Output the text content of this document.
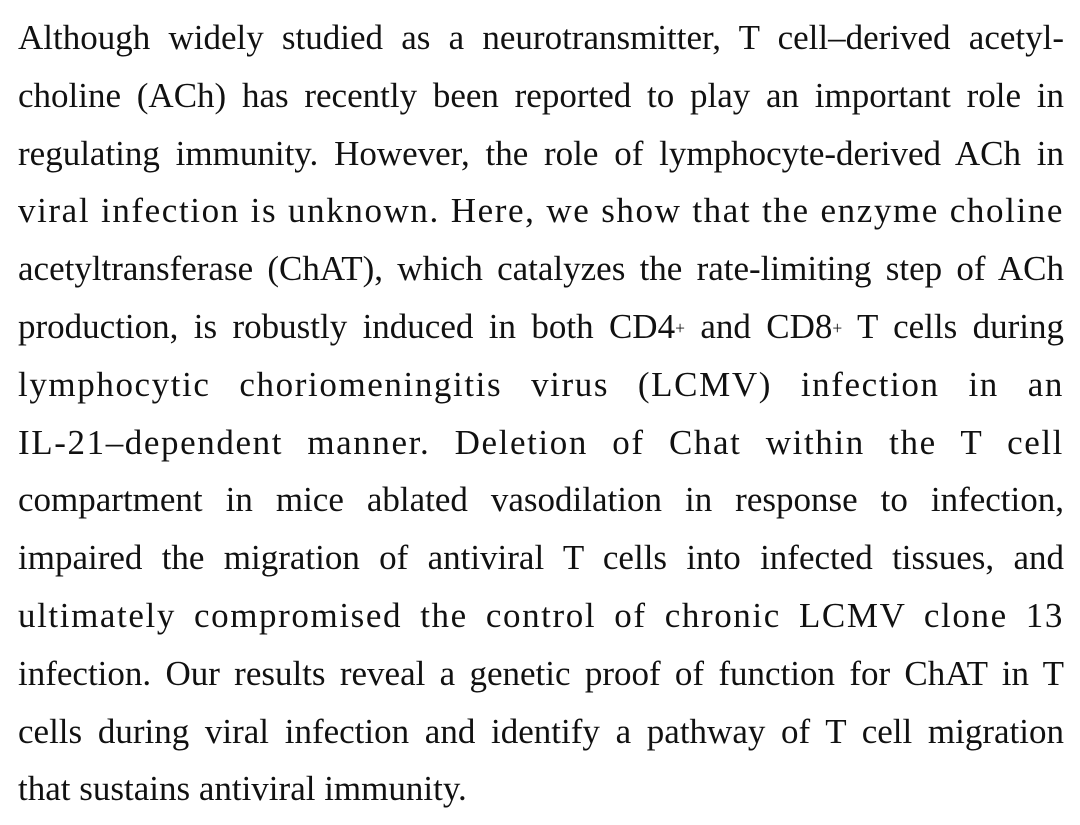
Although widely studied as a neurotransmitter, T cell–derived acetyl-
choline (ACh) has recently been reported to play an important role in
regulating immunity. However, the role of lymphocyte-derived ACh in
viral infection is unknown. Here, we show that the enzyme choline
acetyltransferase (ChAT), which catalyzes the rate-limiting step of ACh
production, is robustly induced in both CD4+ and CD8+ T cells during
lymphocytic choriomeningitis virus (LCMV) infection in an
IL-21–dependent manner. Deletion of Chat within the T cell
compartment in mice ablated vasodilation in response to infection,
impaired the migration of antiviral T cells into infected tissues, and
ultimately compromised the control of chronic LCMV clone 13
infection. Our results reveal a genetic proof of function for ChAT in T
cells during viral infection and identify a pathway of T cell migration
that sustains antiviral immunity.
